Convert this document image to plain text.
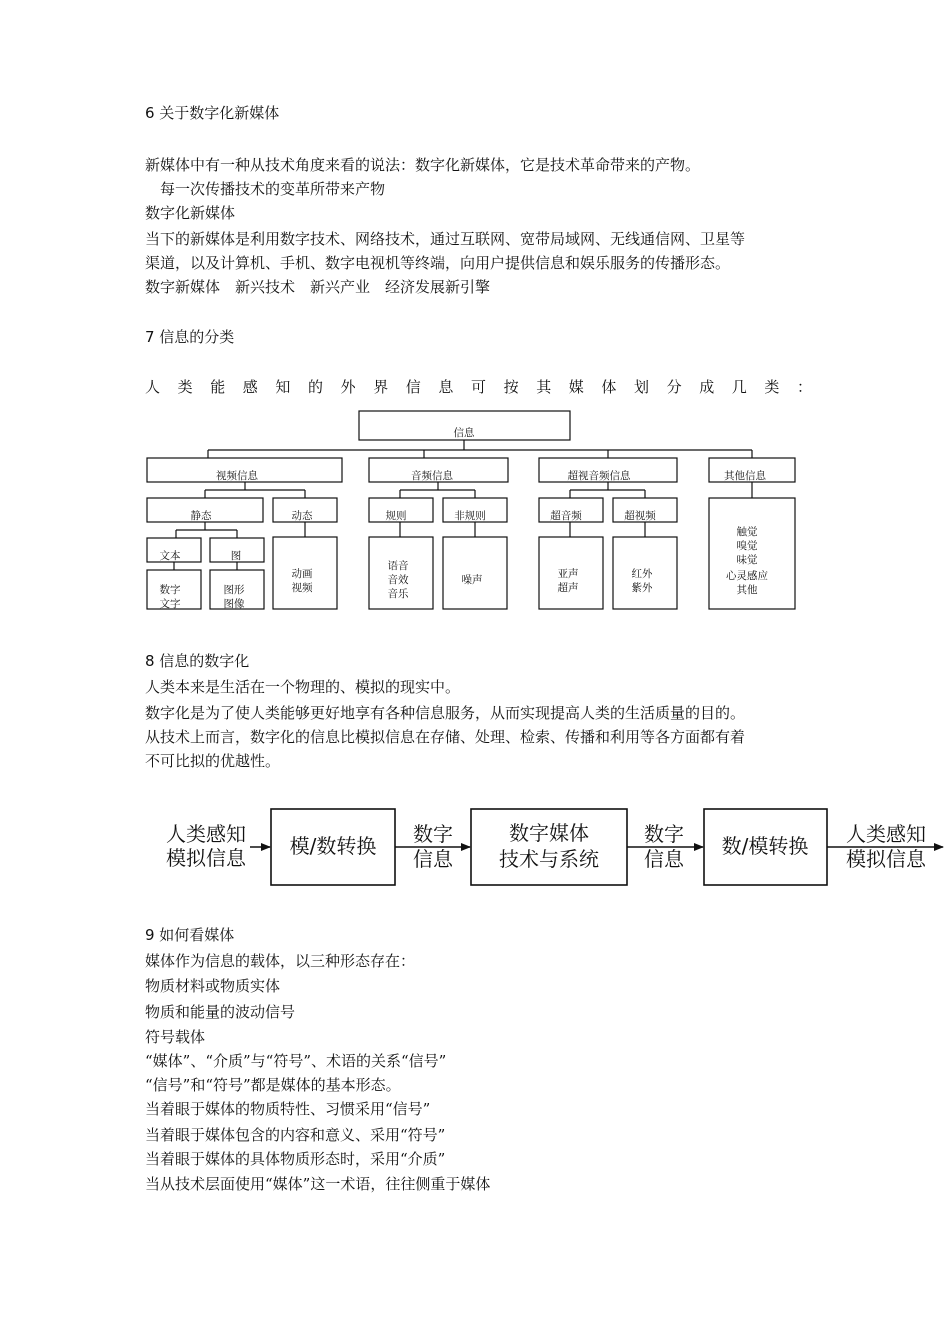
6 关于数字化新媒体
新媒体中有一种从技术角度来看的说法：数字化新媒体，它是技术革命带来的产物。
　每一次传播技术的变革所带来产物
数字化新媒体
当下的新媒体是利用数字技术、网络技术，通过互联网、宽带局域网、无线通信网、卫星等
渠道，以及计算机、手机、数字电视机等终端，向用户提供信息和娱乐服务的传播形态。
数字新媒体　新兴技术　新兴产业　经济发展新引擎
7 信息的分类
人类能感知的外界信息可按其媒体划分成几类：
信息
视频信息	音频信息	超视音频信息	其他信息
静态	动态	规则	非规则	超音频	超视频
文本	图
数字
文字
图形
图像
动画
视频
语音
音效
音乐
噪声	亚声
超声
红外
紫外
触觉
嗅觉
味觉
心灵感应
其他
8 信息的数字化
人类本来是生活在一个物理的、模拟的现实中。
数字化是为了使人类能够更好地享有各种信息服务，从而实现提高人类的生活质量的目的。
从技术上而言，数字化的信息比模拟信息在存储、处理、检索、传播和利用等各方面都有着
不可比拟的优越性。
人类感知
模拟信息 模/数转换 数字
信息
数字媒体
技术与系统
数字
信息
数/模转换 人类感知
模拟信息
9 如何看媒体
媒体作为信息的载体，以三种形态存在：
物质材料或物质实体
物质和能量的波动信号
符号载体
“媒体”、“介质”与“符号”、术语的关系“信号”
“信号”和“符号”都是媒体的基本形态。
当着眼于媒体的物质特性、习惯采用“信号”
当着眼于媒体包含的内容和意义、采用“符号”
当着眼于媒体的具体物质形态时，采用“介质”
当从技术层面使用“媒体”这一术语，往往侧重于媒体
